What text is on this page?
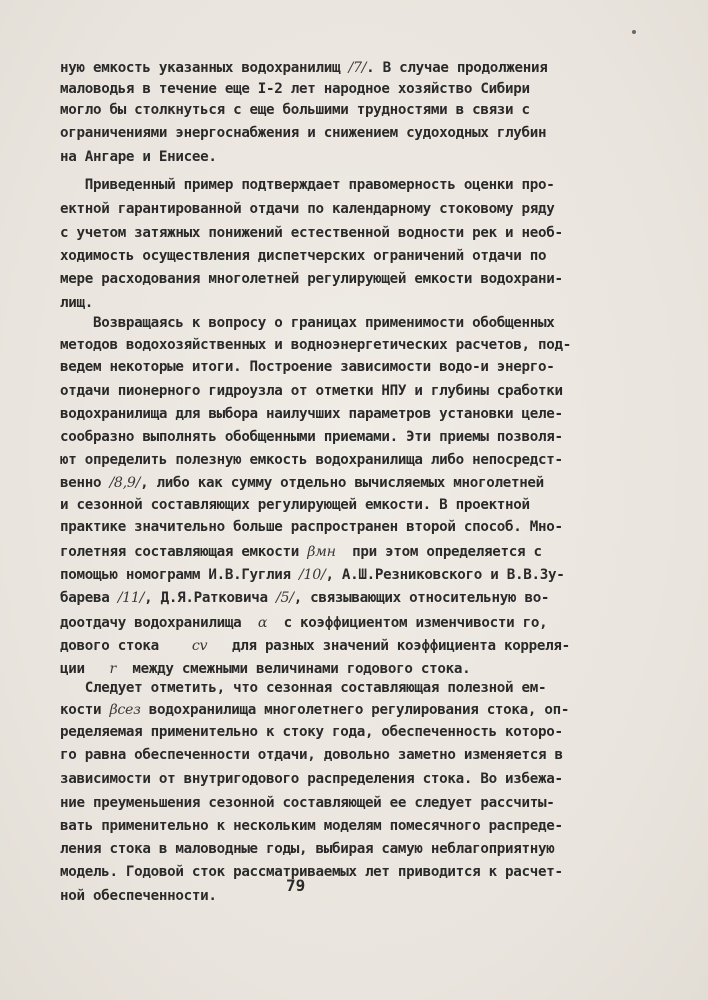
ную емкость указанных водохранилищ /7/. В случае продолжения
маловодья в течение еще I-2 лет народное хозяйство Сибири
могло бы столкнуться с еще большими трудностями в связи с
ограничениями энергоснабжения и снижением судоходных глубин
на Ангаре и Енисее.
Приведенный пример подтверждает правомерность оценки про-
ектной гарантированной отдачи по календарному стоковому ряду
с учетом затяжных понижений естественной водности рек и необ-
ходимость осуществления диспетчерских ограничений отдачи по
мере расходования многолетней регулирующей емкости водохрани-
лищ.
Возвращаясь к вопросу о границах применимости обобщенных
методов водохозяйственных и водноэнергетических расчетов, под-
ведем некоторые итоги. Построение зависимости водо-и энерго-
отдачи пионерного гидроузла от отметки НПУ и глубины сработки
водохранилища для выбора наилучших параметров установки целе-
сообразно выполнять обобщенными приемами. Эти приемы позволя-
ют определить полезную емкость водохранилища либо непосредст-
венно /8,9/, либо как сумму отдельно вычисляемых многолетней
и сезонной составляющих регулирующей емкости. В проектной
практике значительно больше распространен второй способ. Мно-
голетняя составляющая емкости βмн  при этом определяется с
помощью номограмм И.В.Гуглия /10/, А.Ш.Резниковского и В.В.Зу-
барева /11/, Д.Я.Ратковича /5/, связывающих относительную во-
доотдачу водохранилища  α  с коэффициентом изменчивости го,
дового стока    cv   для разных значений коэффициента корреля-
ции   r  между смежными величинами годового стока.
Следует отметить, что сезонная составляющая полезной ем-
кости βсез водохранилища многолетнего регулирования стока, оп-
ределяемая применительно к стоку года, обеспеченность которо-
го равна обеспеченности отдачи, довольно заметно изменяется в
зависимости от внутригодового распределения стока. Во избежа-
ние преуменьшения сезонной составляющей ее следует рассчиты-
вать применительно к нескольким моделям помесячного распреде-
ления стока в маловодные годы, выбирая самую неблагоприятную
модель. Годовой сток рассматриваемых лет приводится к расчет-
ной обеспеченности.
79
